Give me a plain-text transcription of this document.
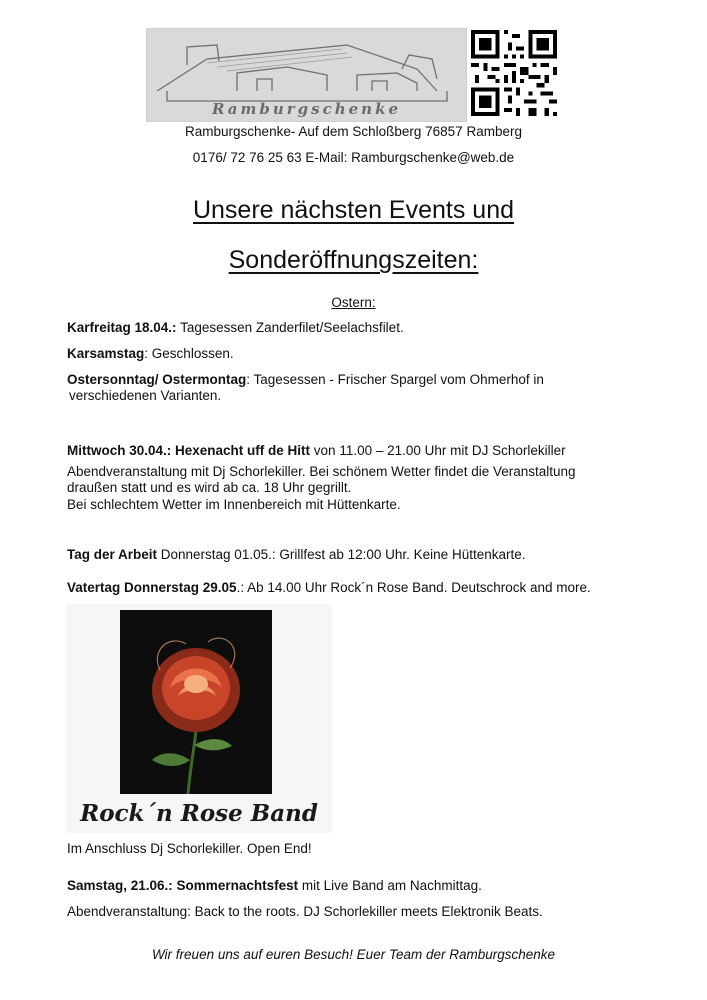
Ramburgschenke
Ramburgschenke- Auf dem Schloßberg 76857 Ramberg
0176/ 72 76 25 63 E-Mail: Ramburgschenke@web.de
Unsere nächsten Events und
Sonderöffnungszeiten:
Ostern:
Karfreitag 18.04.: Tagesessen Zanderfilet/Seelachsfilet.
Karsamstag: Geschlossen.
Ostersonntag/ Ostermontag: Tagesessen - Frischer Spargel vom Ohmerhof in
verschiedenen Varianten.
Mittwoch 30.04.: Hexenacht uff de Hitt von 11.00 – 21.00 Uhr mit DJ Schorlekiller
Abendveranstaltung mit Dj Schorlekiller. Bei schönem Wetter findet die Veranstaltung
draußen statt und es wird ab ca. 18 Uhr gegrillt.
Bei schlechtem Wetter im Innenbereich mit Hüttenkarte.
Tag der Arbeit Donnerstag 01.05.: Grillfest ab 12:00 Uhr. Keine Hüttenkarte.
Vatertag Donnerstag 29.05.: Ab 14.00 Uhr Rock´n Rose Band. Deutschrock and more.
Rock´n Rose Band
Im Anschluss Dj Schorlekiller. Open End!
Samstag, 21.06.: Sommernachtsfest mit Live Band am Nachmittag.
Abendveranstaltung: Back to the roots. DJ Schorlekiller meets Elektronik Beats.
Wir freuen uns auf euren Besuch! Euer Team der Ramburgschenke
